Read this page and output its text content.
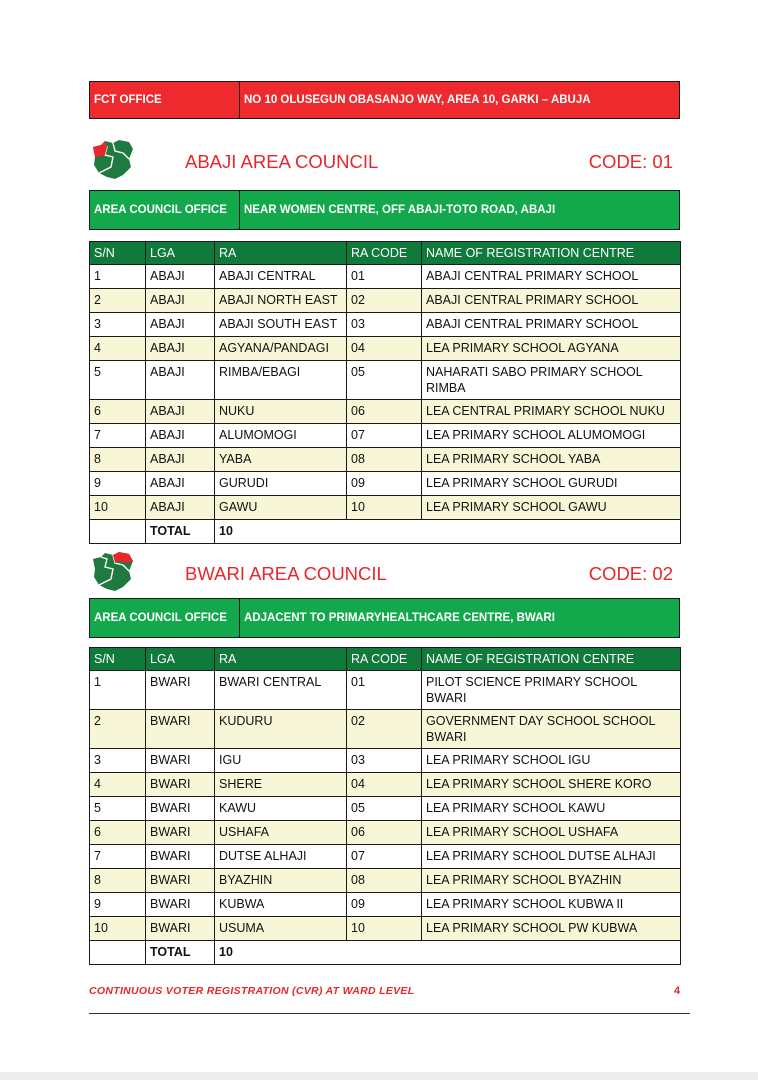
FCT OFFICE	NO 10 OLUSEGUN OBASANJO WAY, AREA 10, GARKI – ABUJA
ABAJI AREA COUNCIL	CODE: 01
AREA COUNCIL OFFICE	NEAR WOMEN CENTRE, OFF ABAJI-TOTO ROAD, ABAJI
S/N	LGA	RA	RA CODE	NAME OF REGISTRATION CENTRE
1	ABAJI	ABAJI CENTRAL	01	ABAJI CENTRAL PRIMARY SCHOOL
2	ABAJI	ABAJI NORTH EAST	02	ABAJI CENTRAL PRIMARY SCHOOL
3	ABAJI	ABAJI SOUTH EAST	03	ABAJI CENTRAL PRIMARY SCHOOL
4	ABAJI	AGYANA/PANDAGI	04	LEA PRIMARY SCHOOL AGYANA
5	ABAJI	RIMBA/EBAGI	05	NAHARATI SABO PRIMARY SCHOOL RIMBA
6	ABAJI	NUKU	06	LEA CENTRAL PRIMARY SCHOOL NUKU
7	ABAJI	ALUMOMOGI	07	LEA PRIMARY SCHOOL ALUMOMOGI
8	ABAJI	YABA	08	LEA PRIMARY SCHOOL YABA
9	ABAJI	GURUDI	09	LEA PRIMARY SCHOOL GURUDI
10	ABAJI	GAWU	10	LEA PRIMARY SCHOOL GAWU
	TOTAL	10		
BWARI AREA COUNCIL	CODE: 02
AREA COUNCIL OFFICE	ADJACENT TO PRIMARYHEALTHCARE CENTRE, BWARI
S/N	LGA	RA	RA CODE	NAME OF REGISTRATION CENTRE
1	BWARI	BWARI CENTRAL	01	PILOT SCIENCE PRIMARY SCHOOL BWARI
2	BWARI	KUDURU	02	GOVERNMENT DAY SCHOOL SCHOOL BWARI
3	BWARI	IGU	03	LEA PRIMARY SCHOOL IGU
4	BWARI	SHERE	04	LEA PRIMARY SCHOOL SHERE KORO
5	BWARI	KAWU	05	LEA PRIMARY SCHOOL KAWU
6	BWARI	USHAFA	06	LEA PRIMARY SCHOOL USHAFA
7	BWARI	DUTSE ALHAJI	07	LEA PRIMARY SCHOOL DUTSE ALHAJI
8	BWARI	BYAZHIN	08	LEA PRIMARY SCHOOL BYAZHIN
9	BWARI	KUBWA	09	LEA PRIMARY SCHOOL KUBWA II
10	BWARI	USUMA	10	LEA PRIMARY SCHOOL PW KUBWA
	TOTAL	10		
CONTINUOUS VOTER REGISTRATION (CVR) AT WARD LEVEL	4
